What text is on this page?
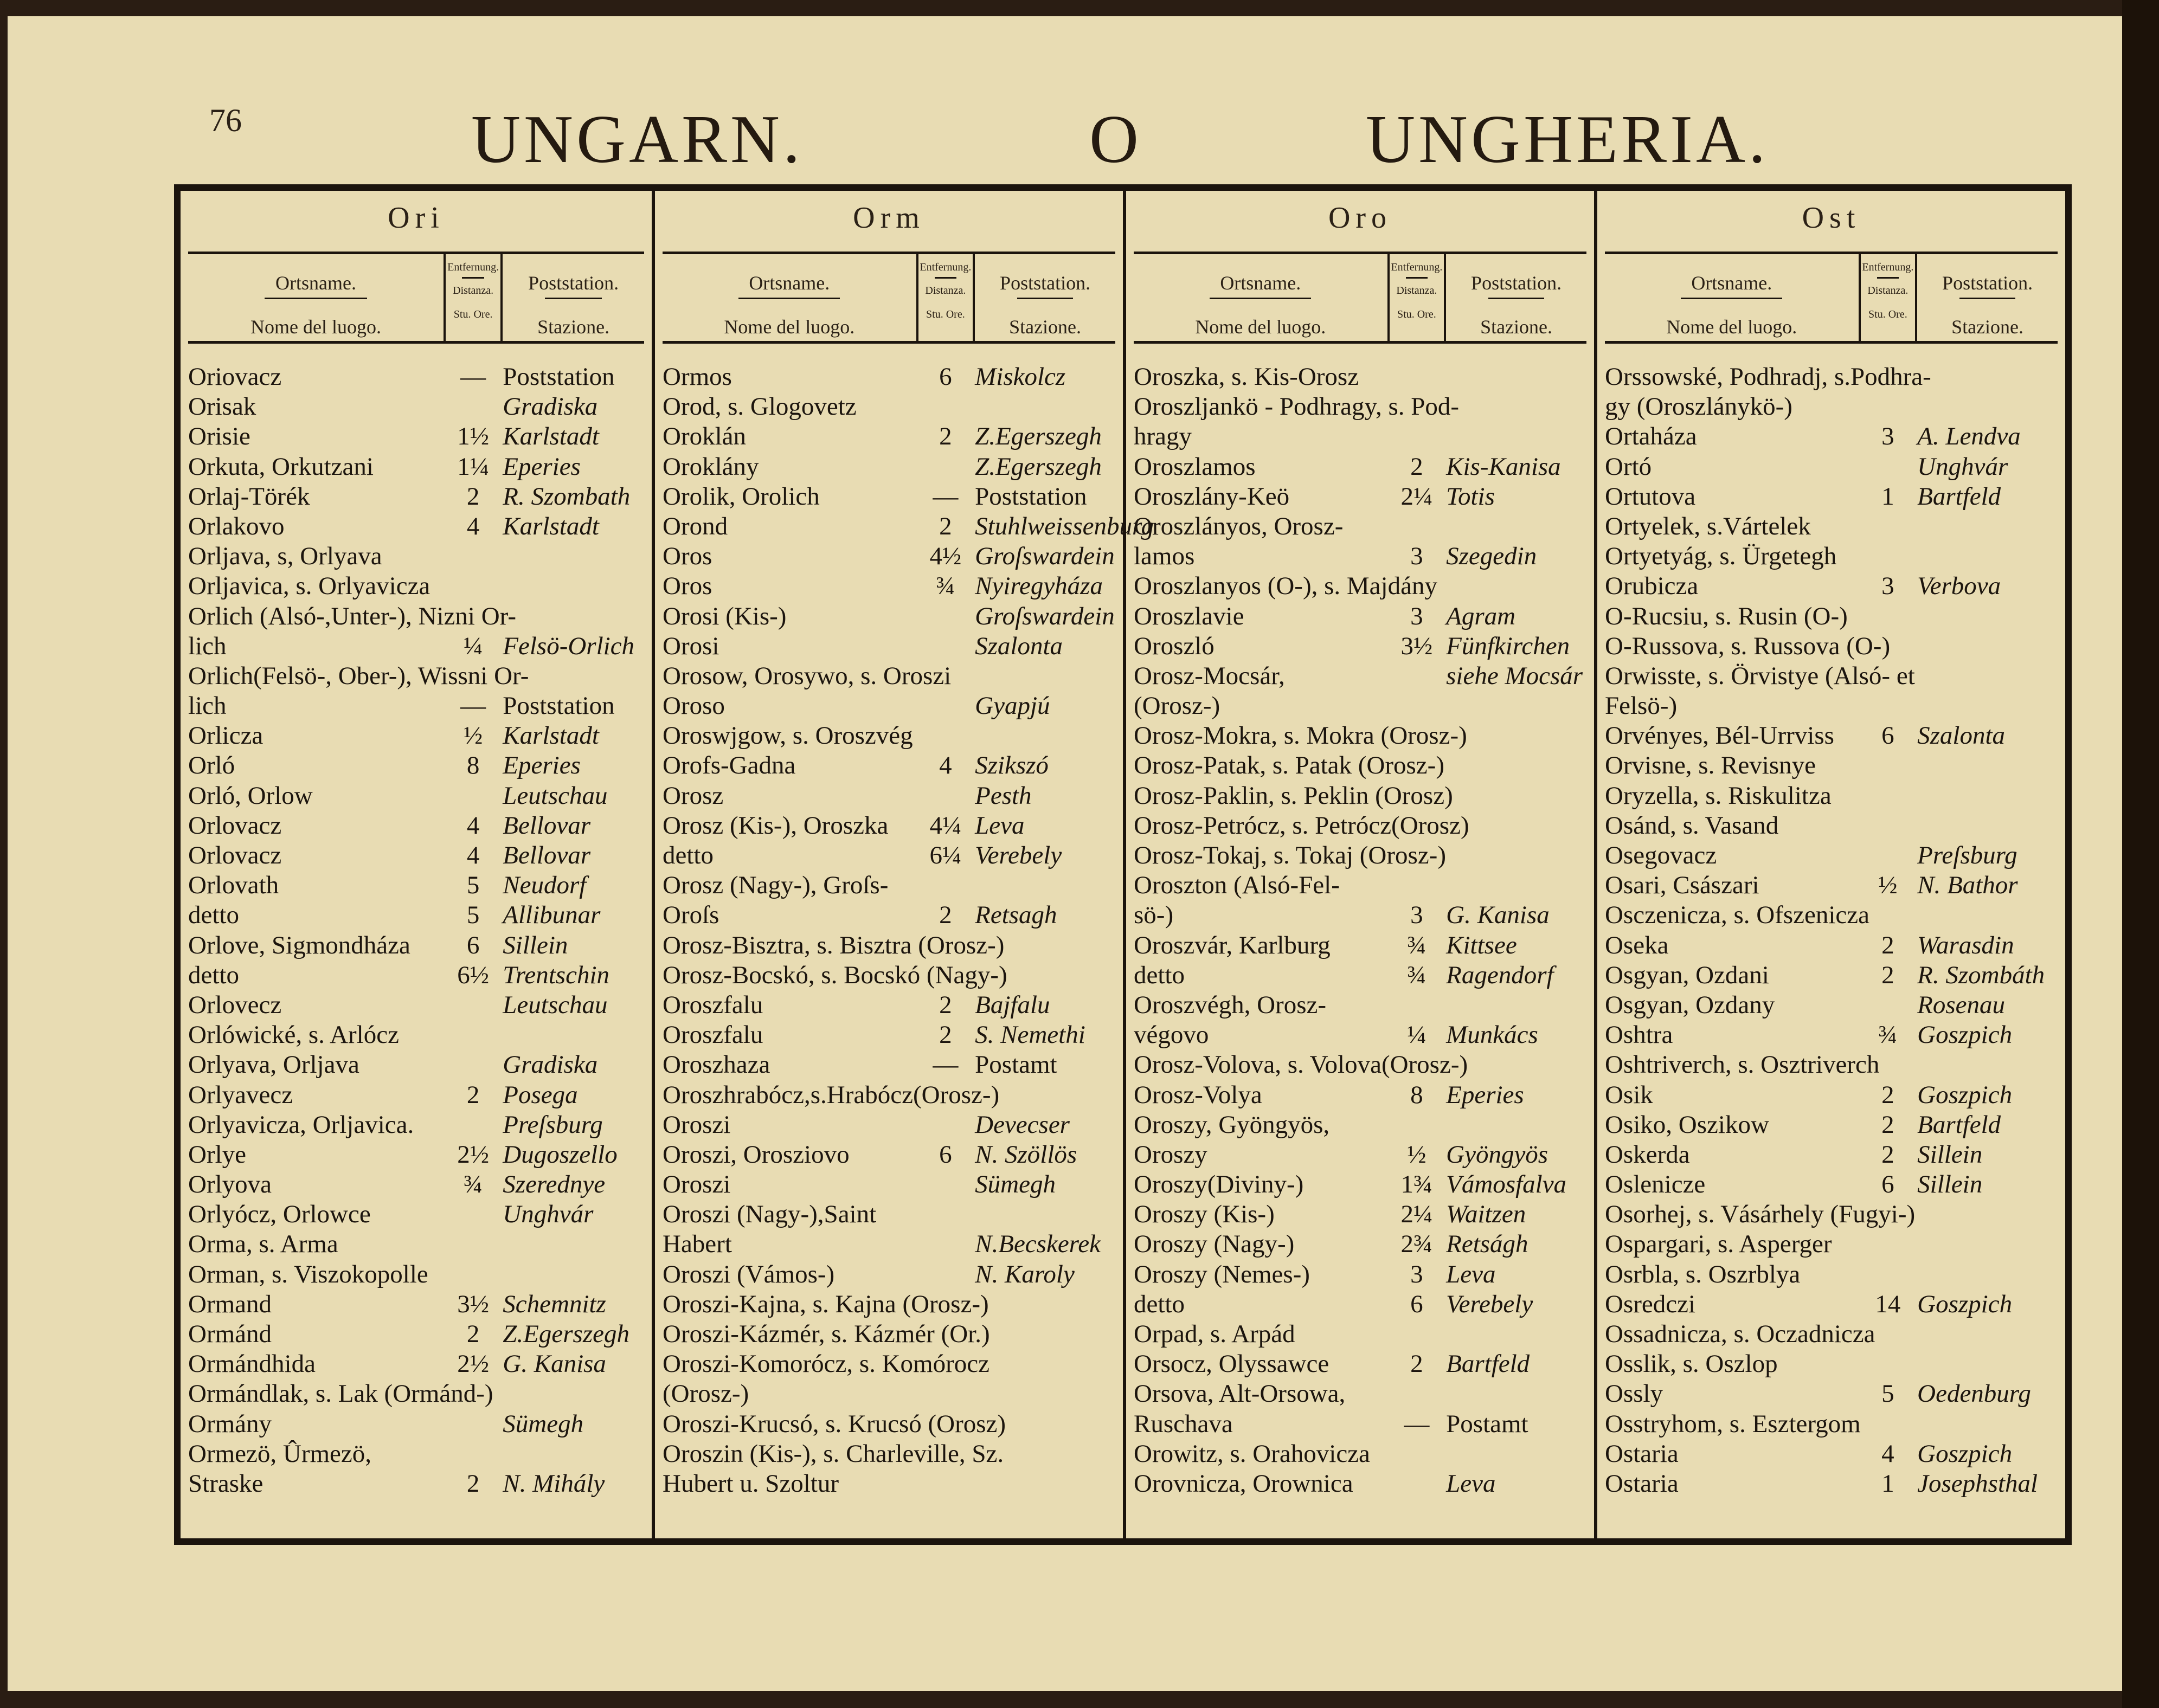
76	UNGARN.	O	UNGHERIA.
Ori
Ortsname.
Nome del luogo.
Entfernung.
Distanza.
Stu. Ore.
Poststation.
Stazione.
Oriovacz	— Poststation
Orisak	Gradiska
Orisie	1½ Karlstadt
Orkuta, Orkutzani	1¼ Eperies
Orlaj-Törék	2 R. Szombath
Orlakovo	4 Karlstadt
Orljava, s, Orlyava
Orljavica, s. Orlyavicza
Orlich (Alsó-,Unter-), Nizni Or-
lich	¼ Felsö-Orlich
Orlich(Felsö-, Ober-), Wissni Or-
lich	— Poststation
Orlicza	½ Karlstadt
Orló	8 Eperies
Orló, Orlow	Leutschau
Orlovacz	4 Bellovar
Orlovacz	4 Bellovar
Orlovath	5 Neudorf
detto	5 Allibunar
Orlove, Sigmondháza	6 Sillein
detto	6½ Trentschin
Orlovecz	Leutschau
Orlówické, s. Arlócz
Orlyava, Orljava	Gradiska
Orlyavecz	2 Posega
Orlyavicza, Orljavica.	Preſsburg
Orlye	2½ Dugoszello
Orlyova	¾ Szerednye
Orlyócz, Orlowce	Unghvár
Orma, s. Arma
Orman, s. Viszokopolle
Ormand	3½ Schemnitz
Ormánd	2 Z.Egerszegh
Ormándhida	2½ G. Kanisa
Ormándlak, s. Lak (Ormánd-)
Ormány	Sümegh
Ormezö, Ûrmezö,
Straske	2 N. Mihály
Orm
Ortsname.
Nome del luogo.
Entfernung.
Distanza.
Stu. Ore.
Poststation.
Stazione.
Ormos	6 Miskolcz
Orod, s. Glogovetz
Oroklán	2 Z.Egerszegh
Oroklány	Z.Egerszegh
Orolik, Orolich	— Poststation
Orond	2 Stuhlweissenburg
Oros	4½ Groſswardein
Oros	¾ Nyiregyháza
Orosi (Kis-)	Groſswardein
Orosi	Szalonta
Orosow, Orosywo, s. Oroszi
Oroso	Gyapjú
Oroswjgow, s. Oroszvég
Orofs-Gadna	4 Szikszó
Orosz	Pesth
Orosz (Kis-), Oroszka	4¼ Leva
detto	6¼ Verebely
Orosz (Nagy-), Groſs-
Oroſs	2 Retsagh
Orosz-Bisztra, s. Bisztra (Orosz-)
Orosz-Bocskó, s. Bocskó (Nagy-)
Oroszfalu	2 Bajfalu
Oroszfalu	2 S. Nemethi
Oroszhaza	— Postamt
Oroszhrabócz,s.Hrabócz(Orosz-)
Oroszi	Devecser
Oroszi, Orosziovo	6 N. Szöllös
Oroszi	Sümegh
Oroszi (Nagy-),Saint
Habert	N.Becskerek
Oroszi (Vámos-)	N. Karoly
Oroszi-Kajna, s. Kajna (Orosz-)
Oroszi-Kázmér, s. Kázmér (Or.)
Oroszi-Komorócz, s. Komórocz
(Orosz-)
Oroszi-Krucsó, s. Krucsó (Orosz)
Oroszin (Kis-), s. Charleville, Sz.
Hubert u. Szoltur
Oro
Ortsname.
Nome del luogo.
Entfernung.
Distanza.
Stu. Ore.
Poststation.
Stazione.
Oroszka, s. Kis-Orosz
Oroszljankö - Podhragy, s. Pod-
hragy
Oroszlamos	2 Kis-Kanisa
Oroszlány-Keö	2¼ Totis
Oroszlányos, Orosz-
lamos	3 Szegedin
Oroszlanyos (O-), s. Majdány
Oroszlavie	3 Agram
Oroszló	3½ Fünfkirchen
Orosz-Mocsár,	siehe Mocsár
(Orosz-)
Orosz-Mokra, s. Mokra (Orosz-)
Orosz-Patak, s. Patak (Orosz-)
Orosz-Paklin, s. Peklin (Orosz)
Orosz-Petrócz, s. Petrócz(Orosz)
Orosz-Tokaj, s. Tokaj (Orosz-)
Oroszton (Alsó-Fel-
sö-)	3 G. Kanisa
Oroszvár, Karlburg	¾ Kittsee
detto	¾ Ragendorf
Oroszvégh, Orosz-
végovo	¼ Munkács
Orosz-Volova, s. Volova(Orosz-)
Orosz-Volya	8 Eperies
Oroszy, Gyöngyös,
Oroszy	½ Gyöngyös
Oroszy(Diviny-)	1¾ Vámosfalva
Oroszy (Kis-)	2¼ Waitzen
Oroszy (Nagy-)	2¾ Retságh
Oroszy (Nemes-)	3 Leva
detto	6 Verebely
Orpad, s. Arpád
Orsocz, Olyssawce	2 Bartfeld
Orsova, Alt-Orsowa,
Ruschava	— Postamt
Orowitz, s. Orahovicza
Orovnicza, Orownica	Leva
Ost
Ortsname.
Nome del luogo.
Entfernung.
Distanza.
Stu. Ore.
Poststation.
Stazione.
Orssowské, Podhradj, s.Podhra-
gy (Oroszlánykö-)
Ortaháza	3 A. Lendva
Ortó	Unghvár
Ortutova	1 Bartfeld
Ortyelek, s.Vártelek
Ortyetyág, s. Ürgetegh
Orubicza	3 Verbova
O-Rucsiu, s. Rusin (O-)
O-Russova, s. Russova (O-)
Orwisste, s. Örvistye (Alsó- et
Felsö-)
Orvényes, Bél-Urrviss	6 Szalonta
Orvisne, s. Revisnye
Oryzella, s. Riskulitza
Osánd, s. Vasand
Osegovacz	Preſsburg
Osari, Császari	½ N. Bathor
Osczenicza, s. Ofszenicza
Oseka	2 Warasdin
Osgyan, Ozdani	2 R. Szombáth
Osgyan, Ozdany	Rosenau
Oshtra	¾ Goszpich
Oshtriverch, s. Osztriverch
Osik	2 Goszpich
Osiko, Oszikow	2 Bartfeld
Oskerda	2 Sillein
Oslenicze	6 Sillein
Osorhej, s. Vásárhely (Fugyi-)
Ospargari, s. Asperger
Osrbla, s. Oszrblya
Osredczi	14 Goszpich
Ossadnicza, s. Oczadnicza
Osslik, s. Oszlop
Ossly	5 Oedenburg
Osstryhom, s. Esztergom
Ostaria	4 Goszpich
Ostaria	1 Josephsthal
